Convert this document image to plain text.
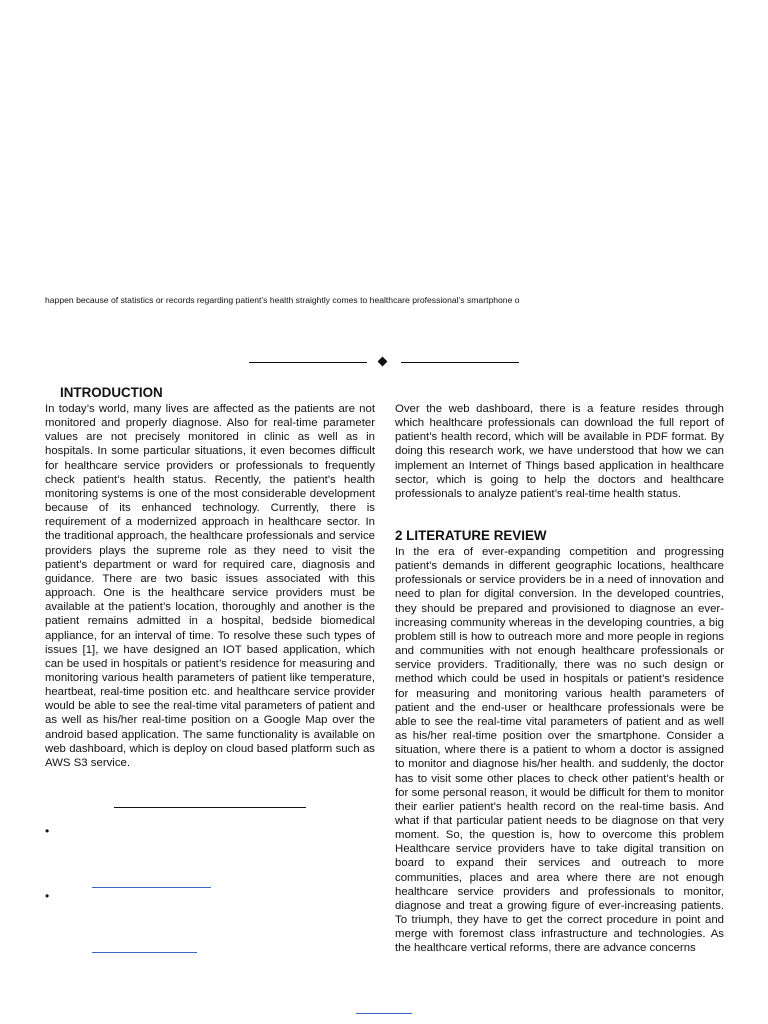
happen because of statistics or records regarding patient’s health straightly comes to healthcare professional’s smartphone o
INTRODUCTION

In today’s world, many lives are affected as the patients are not monitored and properly diagnose. Also for real-time parameter values are not precisely monitored in clinic as well as in hospitals. In some particular situations, it even becomes difficult for healthcare service providers or professionals to frequently check patient’s health status. Recently, the patient's health monitoring systems is one of the most considerable development because of its enhanced technology. Currently, there is requirement of a modernized approach in healthcare sector. In the traditional approach, the healthcare professionals and service providers plays the supreme role as they need to visit the patient’s department or ward for required care, diagnosis and guidance. There are two basic issues associated with this approach. One is the healthcare service providers must be available at the patient’s location, thoroughly and another is the patient remains admitted in a hospital, bedside biomedical appliance, for an interval of time. To resolve these such types of issues [1], we have designed an IOT based application, which can be used in hospitals or patient’s residence for measuring and monitoring various health parameters of patient like temperature, heartbeat, real-time position etc. and healthcare service provider would be able to see the real-time vital parameters of patient and as well as his/her real-time position on a Google Map over the android based application. The same functionality is available on web dashboard, which is deploy on cloud based platform such as AWS S3 service.

Over the web dashboard, there is a feature resides through which healthcare professionals can download the full report of patient’s health record, which will be available in PDF format. By doing this research work, we have understood that how we can implement an Internet of Things based application in healthcare sector, which is going to help the doctors and healthcare professionals to analyze patient’s real-time health status.

2 LITERATURE REVIEW

In the era of ever-expanding competition and progressing patient's demands in different geographic locations, healthcare professionals or service providers be in a need of innovation and need to plan for digital conversion. In the developed countries, they should be prepared and provisioned to diagnose an ever-increasing community whereas in the developing countries, a big problem still is how to outreach more and more people in regions and communities with not enough healthcare professionals or service providers. Traditionally, there was no such design or method which could be used in hospitals or patient’s residence for measuring and monitoring various health parameters of patient and the end-user or healthcare professionals were be able to see the real-time vital parameters of patient and as well as his/her real-time position over the smartphone. Consider a situation, where there is a patient to whom a doctor is assigned to monitor and diagnose his/her health. and suddenly, the doctor has to visit some other places to check other patient’s health or for some personal reason, it would be difficult for them to monitor their earlier patient’s health record on the real-time basis. And what if that particular patient needs to be diagnose on that very moment. So, the question is, how to overcome this problem Healthcare service providers have to take digital transition on board to expand their services and outreach to more communities, places and area where there are not enough healthcare service providers and professionals to monitor, diagnose and treat a growing figure of ever-increasing patients. To triumph, they have to get the correct procedure in point and merge with foremost class infrastructure and technologies. As the healthcare vertical reforms, there are advance concerns

•
•
